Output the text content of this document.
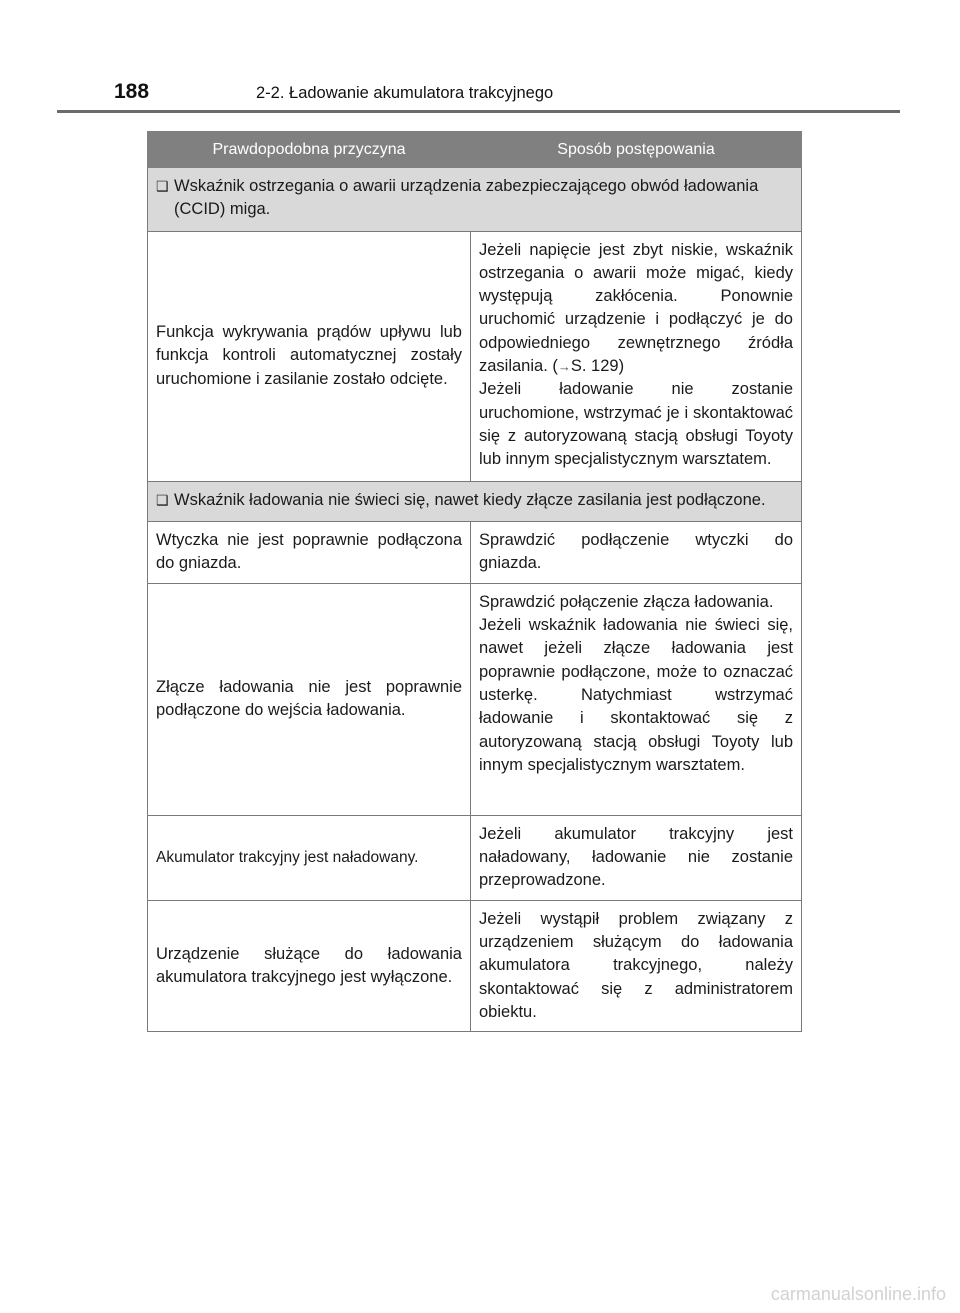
188	2-2. Ładowanie akumulatora trakcyjnego
Prawdopodobna przyczyna	Sposób postępowania

❑ Wskaźnik ostrzegania o awarii urządzenia zabezpieczającego obwód ładowania (CCID) miga.	

Funkcja wykrywania prądów upływu lub funkcja kontroli automatycznej zostały uruchomione i zasilanie zostało odcięte.	Jeżeli napięcie jest zbyt niskie, wskaźnik ostrzegania o awarii może migać, kiedy występują zakłócenia. Ponownie uruchomić urządzenie i podłączyć je do odpowiedniego zewnętrznego źródła zasilania. (→S. 129)
Jeżeli ładowanie nie zostanie uruchomione, wstrzymać je i skontaktować się z autoryzowaną stacją obsługi Toyoty lub innym specjalistycznym warsztatem.

❑ Wskaźnik ładowania nie świeci się, nawet kiedy złącze zasilania jest podłączone.	

Wtyczka nie jest poprawnie podłączona do gniazda.	Sprawdzić podłączenie wtyczki do gniazda.
Złącze ładowania nie jest poprawnie podłączone do wejścia ładowania.	Sprawdzić połączenie złącza ładowania.
Jeżeli wskaźnik ładowania nie świeci się, nawet jeżeli złącze ładowania jest poprawnie podłączone, może to oznaczać usterkę. Natychmiast wstrzymać ładowanie i skontaktować się z autoryzowaną stacją obsługi Toyoty lub innym specjalistycznym warsztatem.
Akumulator trakcyjny jest naładowany.	Jeżeli akumulator trakcyjny jest naładowany, ładowanie nie zostanie przeprowadzone.
Urządzenie służące do ładowania akumulatora trakcyjnego jest wyłączone.	Jeżeli wystąpił problem związany z urządzeniem służącym do ładowania akumulatora trakcyjnego, należy skontaktować się z administratorem obiektu.
carmanualsonline.info
